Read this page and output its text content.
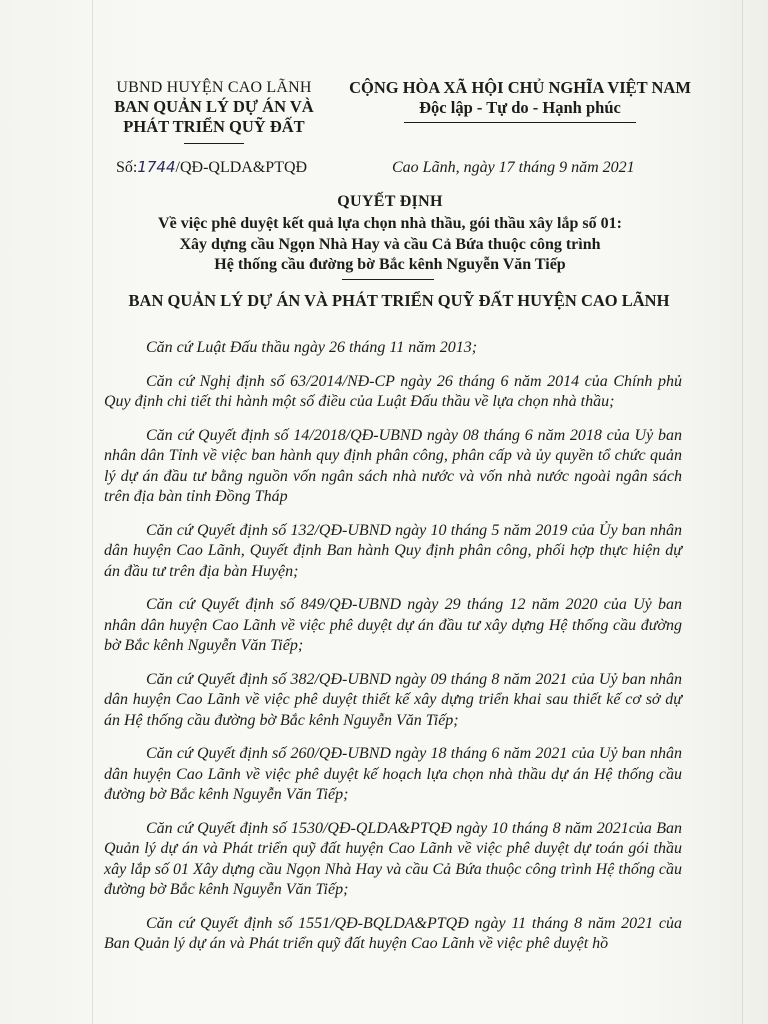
UBND HUYỆN CAO LÃNH
BAN QUẢN LÝ DỰ ÁN VÀ
PHÁT TRIỂN QUỸ ĐẤT
CỘNG HÒA XÃ HỘI CHỦ NGHĨA VIỆT NAM
Độc lập - Tự do - Hạnh phúc
Số:1744/QĐ-QLDA&PTQĐ	Cao Lãnh, ngày 17 tháng 9 năm 2021
QUYẾT ĐỊNH
Về việc phê duyệt kết quả lựa chọn nhà thầu, gói thầu xây lắp số 01:
Xây dựng cầu Ngọn Nhà Hay và cầu Cả Bứa thuộc công trình
Hệ thống cầu đường bờ Bắc kênh Nguyễn Văn Tiếp
BAN QUẢN LÝ DỰ ÁN VÀ PHÁT TRIỂN QUỸ ĐẤT HUYỆN CAO LÃNH

Căn cứ Luật Đấu thầu ngày 26 tháng 11 năm 2013;

Căn cứ Nghị định số 63/2014/NĐ-CP ngày 26 tháng 6 năm 2014 của Chính phủ Quy định chi tiết thi hành một số điều của Luật Đấu thầu về lựa chọn nhà thầu;

Căn cứ Quyết định số 14/2018/QĐ-UBND ngày 08 tháng 6 năm 2018 của Uỷ ban nhân dân Tỉnh về việc ban hành quy định phân công, phân cấp và ủy quyền tổ chức quản lý dự án đầu tư bằng nguồn vốn ngân sách nhà nước và vốn nhà nước ngoài ngân sách trên địa bàn tỉnh Đồng Tháp

Căn cứ Quyết định số 132/QĐ-UBND ngày 10 tháng 5 năm 2019 của Ủy ban nhân dân huyện Cao Lãnh, Quyết định Ban hành Quy định phân công, phối hợp thực hiện dự án đầu tư trên địa bàn Huyện;

Căn cứ Quyết định số 849/QĐ-UBND ngày 29 tháng 12 năm 2020 của Uỷ ban nhân dân huyện Cao Lãnh về việc phê duyệt dự án đầu tư xây dựng Hệ thống cầu đường bờ Bắc kênh Nguyễn Văn Tiếp;

Căn cứ Quyết định số 382/QĐ-UBND ngày 09 tháng 8 năm 2021 của Uỷ ban nhân dân huyện Cao Lãnh về việc phê duyệt thiết kế xây dựng triển khai sau thiết kế cơ sở dự án Hệ thống cầu đường bờ Bắc kênh Nguyễn Văn Tiếp;

Căn cứ Quyết định số 260/QĐ-UBND ngày 18 tháng 6 năm 2021 của Uỷ ban nhân dân huyện Cao Lãnh về việc phê duyệt kế hoạch lựa chọn nhà thầu dự án Hệ thống cầu đường bờ Bắc kênh Nguyễn Văn Tiếp;

Căn cứ Quyết định số 1530/QĐ-QLDA&PTQĐ ngày 10 tháng 8 năm 2021của Ban Quản lý dự án và Phát triển quỹ đất huyện Cao Lãnh về việc phê duyệt dự toán gói thầu xây lắp số 01 Xây dựng cầu Ngọn Nhà Hay và cầu Cả Bứa thuộc công trình Hệ thống cầu đường bờ Bắc kênh Nguyễn Văn Tiếp;

Căn cứ Quyết định số 1551/QĐ-BQLDA&PTQĐ ngày 11 tháng 8 năm 2021 của Ban Quản lý dự án và Phát triển quỹ đất huyện Cao Lãnh về việc phê duyệt hồ
